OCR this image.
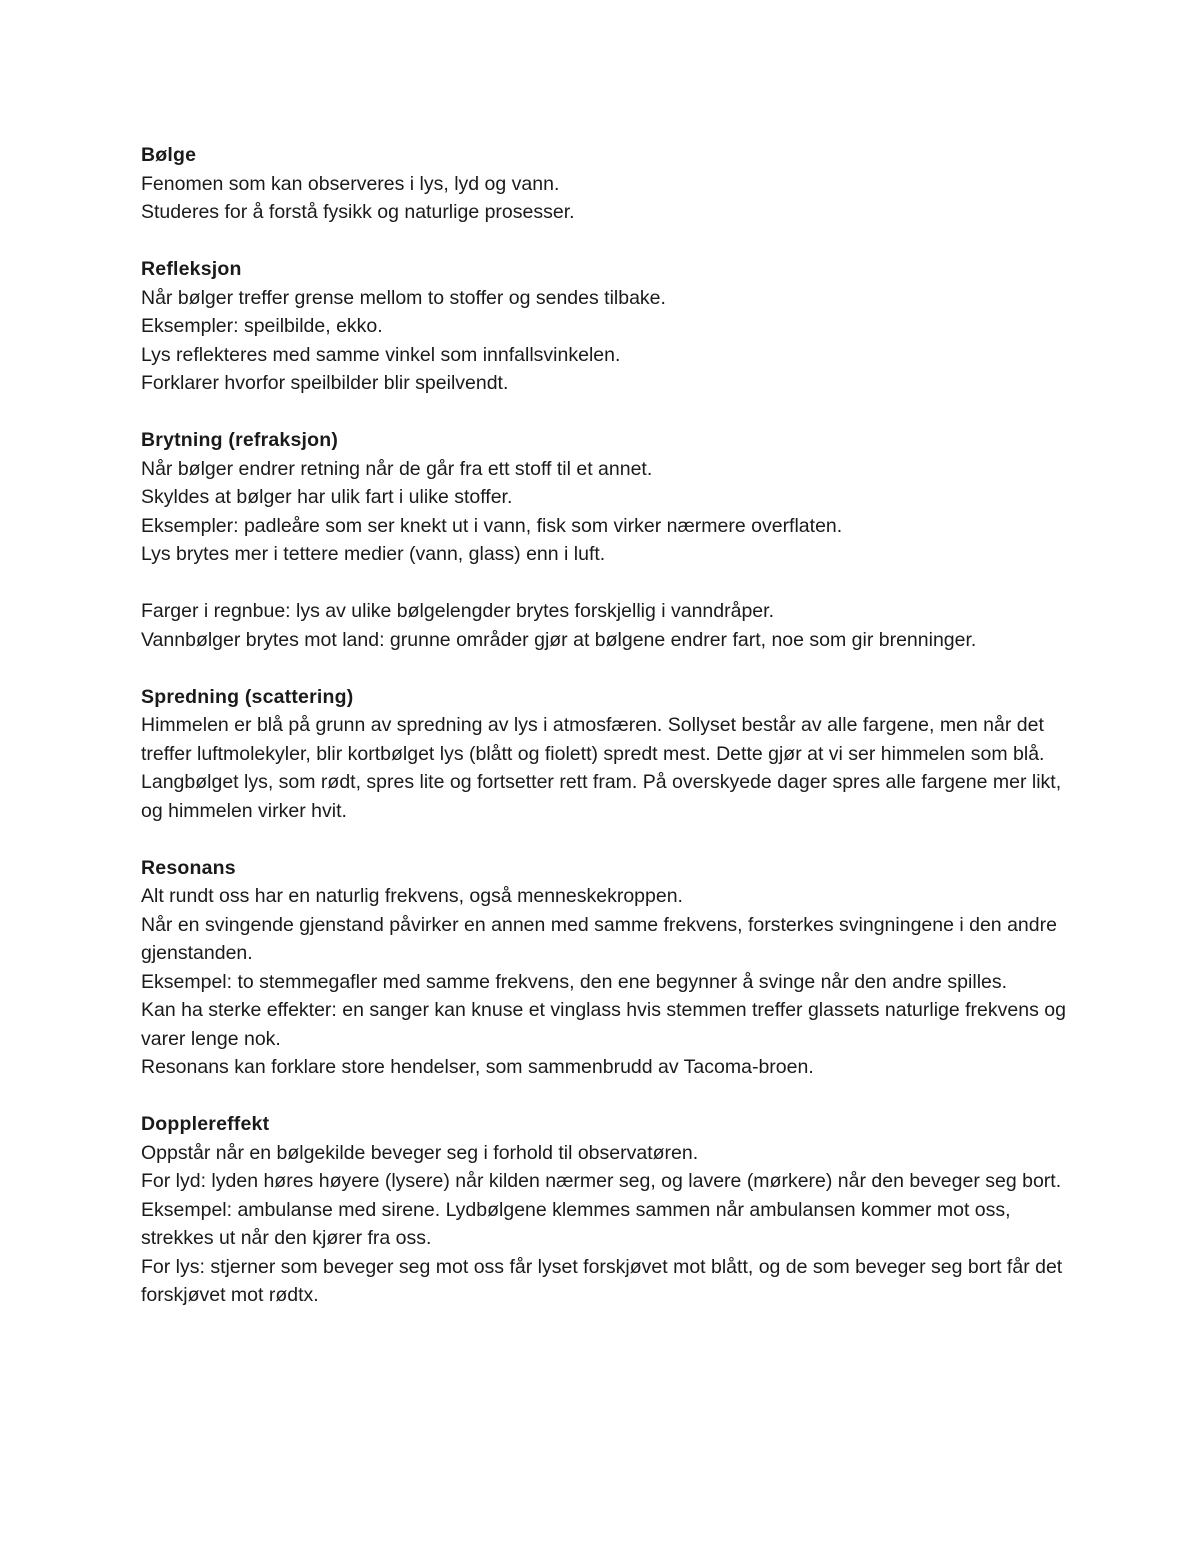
Bølge

Fenomen som kan observeres i lys, lyd og vann.

Studeres for å forstå fysikk og naturlige prosesser.

Refleksjon

Når bølger treffer grense mellom to stoffer og sendes tilbake.

Eksempler: speilbilde, ekko.

Lys reflekteres med samme vinkel som innfallsvinkelen.

Forklarer hvorfor speilbilder blir speilvendt.

Brytning (refraksjon)

Når bølger endrer retning når de går fra ett stoff til et annet.

Skyldes at bølger har ulik fart i ulike stoffer.

Eksempler: padleåre som ser knekt ut i vann, fisk som virker nærmere overflaten.

Lys brytes mer i tettere medier (vann, glass) enn i luft.

Farger i regnbue: lys av ulike bølgelengder brytes forskjellig i vanndråper.

Vannbølger brytes mot land: grunne områder gjør at bølgene endrer fart, noe som gir brenninger.

Spredning (scattering)

Himmelen er blå på grunn av spredning av lys i atmosfæren. Sollyset består av alle fargene, men når det treffer luftmolekyler, blir kortbølget lys (blått og fiolett) spredt mest. Dette gjør at vi ser himmelen som blå. Langbølget lys, som rødt, spres lite og fortsetter rett fram. På overskyede dager spres alle fargene mer likt, og himmelen virker hvit.

Resonans

Alt rundt oss har en naturlig frekvens, også menneskekroppen.

Når en svingende gjenstand påvirker en annen med samme frekvens, forsterkes svingningene i den andre gjenstanden.

Eksempel: to stemmegafler med samme frekvens, den ene begynner å svinge når den andre spilles.

Kan ha sterke effekter: en sanger kan knuse et vinglass hvis stemmen treffer glassets naturlige frekvens og varer lenge nok.

Resonans kan forklare store hendelser, som sammenbrudd av Tacoma-broen.

Dopplereffekt

Oppstår når en bølgekilde beveger seg i forhold til observatøren.

For lyd: lyden høres høyere (lysere) når kilden nærmer seg, og lavere (mørkere) når den beveger seg bort.

Eksempel: ambulanse med sirene. Lydbølgene klemmes sammen når ambulansen kommer mot oss, strekkes ut når den kjører fra oss.

For lys: stjerner som beveger seg mot oss får lyset forskjøvet mot blått, og de som beveger seg bort får det forskjøvet mot rødtx.
